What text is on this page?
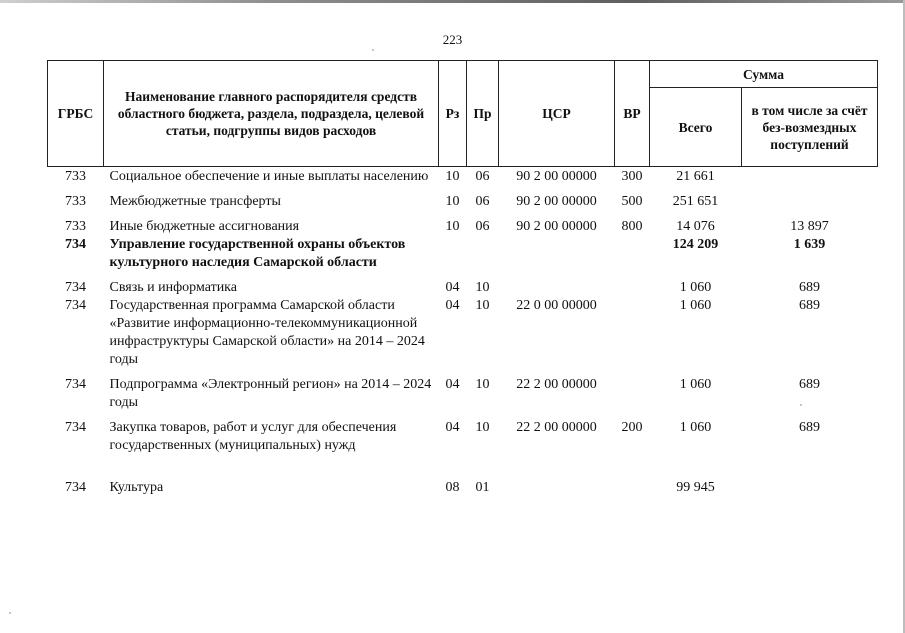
223
ГРБС	Наименование главного распорядителя средств областного бюджета, раздела, подраздела, целевой статьи, подгруппы видов расходов	Рз	Пр	ЦСР	ВР	Сумма	
						Всего	в том числе за счёт без-возмездных поступлений
733	Социальное обеспечение и иные выплаты населению	10	06	90 2 00 00000	300	21 661	
733	Межбюджетные трансферты	10	06	90 2 00 00000	500	251 651	
733	Иные бюджетные ассигнования	10	06	90 2 00 00000	800	14 076	13 897
734	Управление государственной охраны объектов культурного наследия Самарской области					124 209	1 639
734	Связь и информатика	04	10			1 060	689
734	Государственная программа Самарской области «Развитие информационно-телекоммуникационной инфраструктуры Самарской области» на 2014 – 2024 годы	04	10	22 0 00 00000		1 060	689
734	Подпрограмма «Электронный регион» на 2014 – 2024 годы	04	10	22 2 00 00000		1 060	689
734	Закупка товаров, работ и услуг для обеспечения государственных (муниципальных) нужд	04	10	22 2 00 00000	200	1 060	689
734	Культура	08	01			99 945	
